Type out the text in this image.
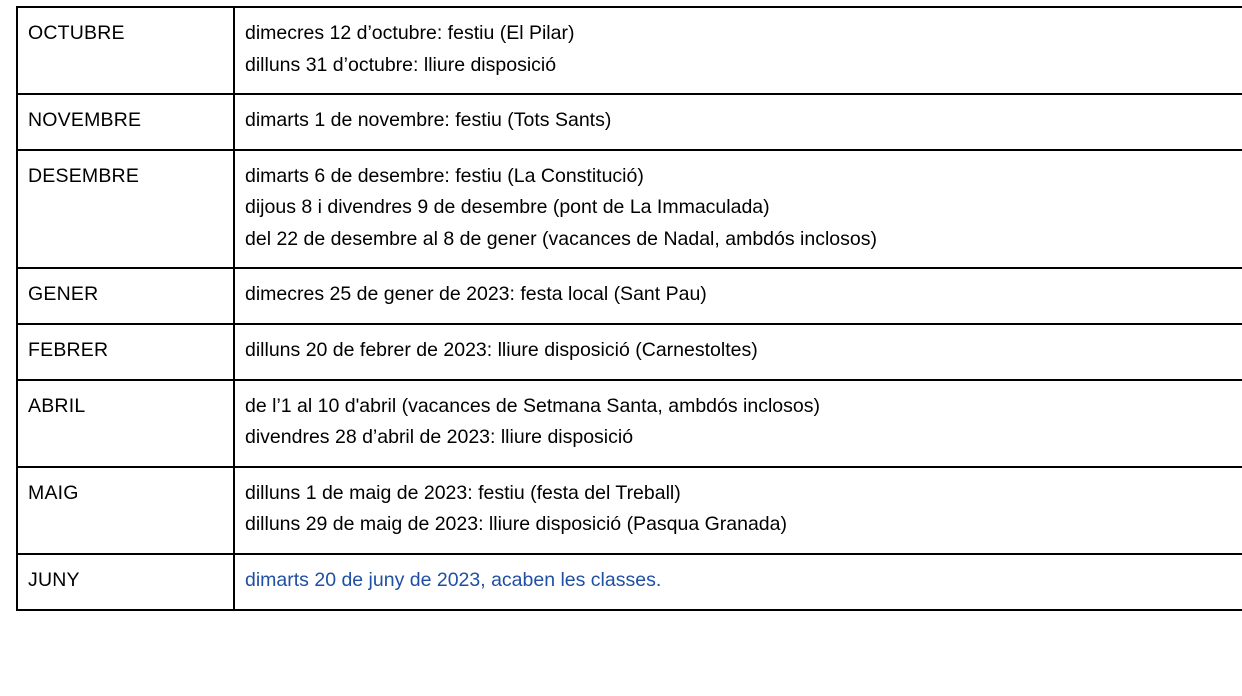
OCTUBRE	dimecres 12 d’octubre: festiu (El Pilar)
dilluns 31 d’octubre: lliure disposició

NOVEMBRE	dimarts 1 de novembre: festiu (Tots Sants)

DESEMBRE	dimarts 6 de desembre: festiu (La Constitució)
dijous 8 i divendres 9 de desembre (pont de La Immaculada)
del 22 de desembre al 8 de gener (vacances de Nadal, ambdós inclosos)

GENER	dimecres 25 de gener de 2023: festa local (Sant Pau)

FEBRER	dilluns 20 de febrer de 2023: lliure disposició (Carnestoltes)

ABRIL	de l’1 al 10 d'abril (vacances de Setmana Santa, ambdós inclosos)
divendres 28 d’abril de 2023: lliure disposició

MAIG	dilluns 1 de maig de 2023: festiu (festa del Treball)
dilluns 29 de maig de 2023: lliure disposició (Pasqua Granada)

JUNY	dimarts 20 de juny de 2023, acaben les classes.
